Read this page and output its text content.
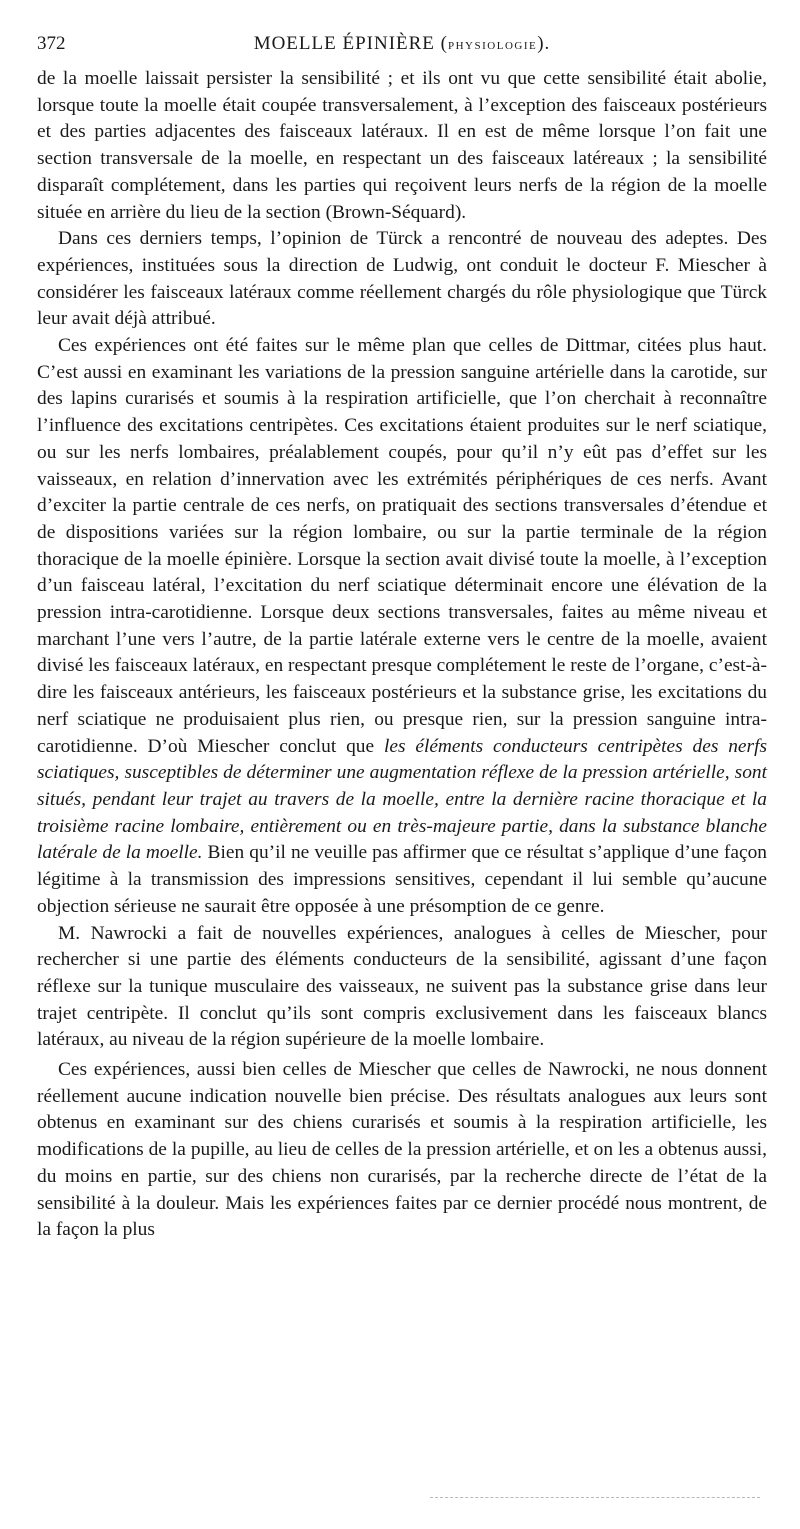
372	MOELLE ÉPINIÈRE (physiologie).

de la moelle laissait persister la sensibilité ; et ils ont vu que cette sensibilité était abolie, lorsque toute la moelle était coupée transversalement, à l’exception des faisceaux postérieurs et des parties adjacentes des faisceaux latéraux. Il en est de même lorsque l’on fait une section transversale de la moelle, en respectant un des faisceaux latéreaux ; la sensibilité disparaît complétement, dans les parties qui reçoivent leurs nerfs de la région de la moelle située en arrière du lieu de la section (Brown-Séquard).

Dans ces derniers temps, l’opinion de Türck a rencontré de nouveau des adeptes. Des expériences, instituées sous la direction de Ludwig, ont conduit le docteur F. Miescher à considérer les faisceaux latéraux comme réellement chargés du rôle physiologique que Türck leur avait déjà attribué.

Ces expériences ont été faites sur le même plan que celles de Dittmar, citées plus haut. C’est aussi en examinant les variations de la pression sanguine artérielle dans la carotide, sur des lapins curarisés et soumis à la respiration artificielle, que l’on cherchait à reconnaître l’influence des excitations centripètes. Ces excitations étaient produites sur le nerf sciatique, ou sur les nerfs lombaires, préalablement coupés, pour qu’il n’y eût pas d’effet sur les vaisseaux, en relation d’innervation avec les extrémités périphériques de ces nerfs. Avant d’exciter la partie centrale de ces nerfs, on pratiquait des sections transversales d’étendue et de dispositions variées sur la région lombaire, ou sur la partie terminale de la région thoracique de la moelle épinière. Lorsque la section avait divisé toute la moelle, à l’exception d’un faisceau latéral, l’excitation du nerf sciatique déterminait encore une élévation de la pression intra-carotidienne. Lorsque deux sections transversales, faites au même niveau et marchant l’une vers l’autre, de la partie latérale externe vers le centre de la moelle, avaient divisé les faisceaux latéraux, en respectant presque complétement le reste de l’organe, c’est-à-dire les faisceaux antérieurs, les faisceaux postérieurs et la substance grise, les excitations du nerf sciatique ne produisaient plus rien, ou presque rien, sur la pression sanguine intra-carotidienne. D’où Miescher conclut que les éléments conducteurs centripètes des nerfs sciatiques, susceptibles de déterminer une augmentation réflexe de la pression artérielle, sont situés, pendant leur trajet au travers de la moelle, entre la dernière racine thoracique et la troisième racine lombaire, entièrement ou en très-majeure partie, dans la substance blanche latérale de la moelle. Bien qu’il ne veuille pas affirmer que ce résultat s’applique d’une façon légitime à la transmission des impressions sensitives, cependant il lui semble qu’aucune objection sérieuse ne saurait être opposée à une présomption de ce genre.

M. Nawrocki a fait de nouvelles expériences, analogues à celles de Miescher, pour rechercher si une partie des éléments conducteurs de la sensibilité, agissant d’une façon réflexe sur la tunique musculaire des vaisseaux, ne suivent pas la substance grise dans leur trajet centripète. Il conclut qu’ils sont compris exclusivement dans les faisceaux blancs latéraux, au niveau de la région supérieure de la moelle lombaire.

Ces expériences, aussi bien celles de Miescher que celles de Nawrocki, ne nous donnent réellement aucune indication nouvelle bien précise. Des résultats analogues aux leurs sont obtenus en examinant sur des chiens curarisés et soumis à la respiration artificielle, les modifications de la pupille, au lieu de celles de la pression artérielle, et on les a obtenus aussi, du moins en partie, sur des chiens non curarisés, par la recherche directe de l’état de la sensibilité à la douleur. Mais les expériences faites par ce dernier procédé nous montrent, de la façon la plus
